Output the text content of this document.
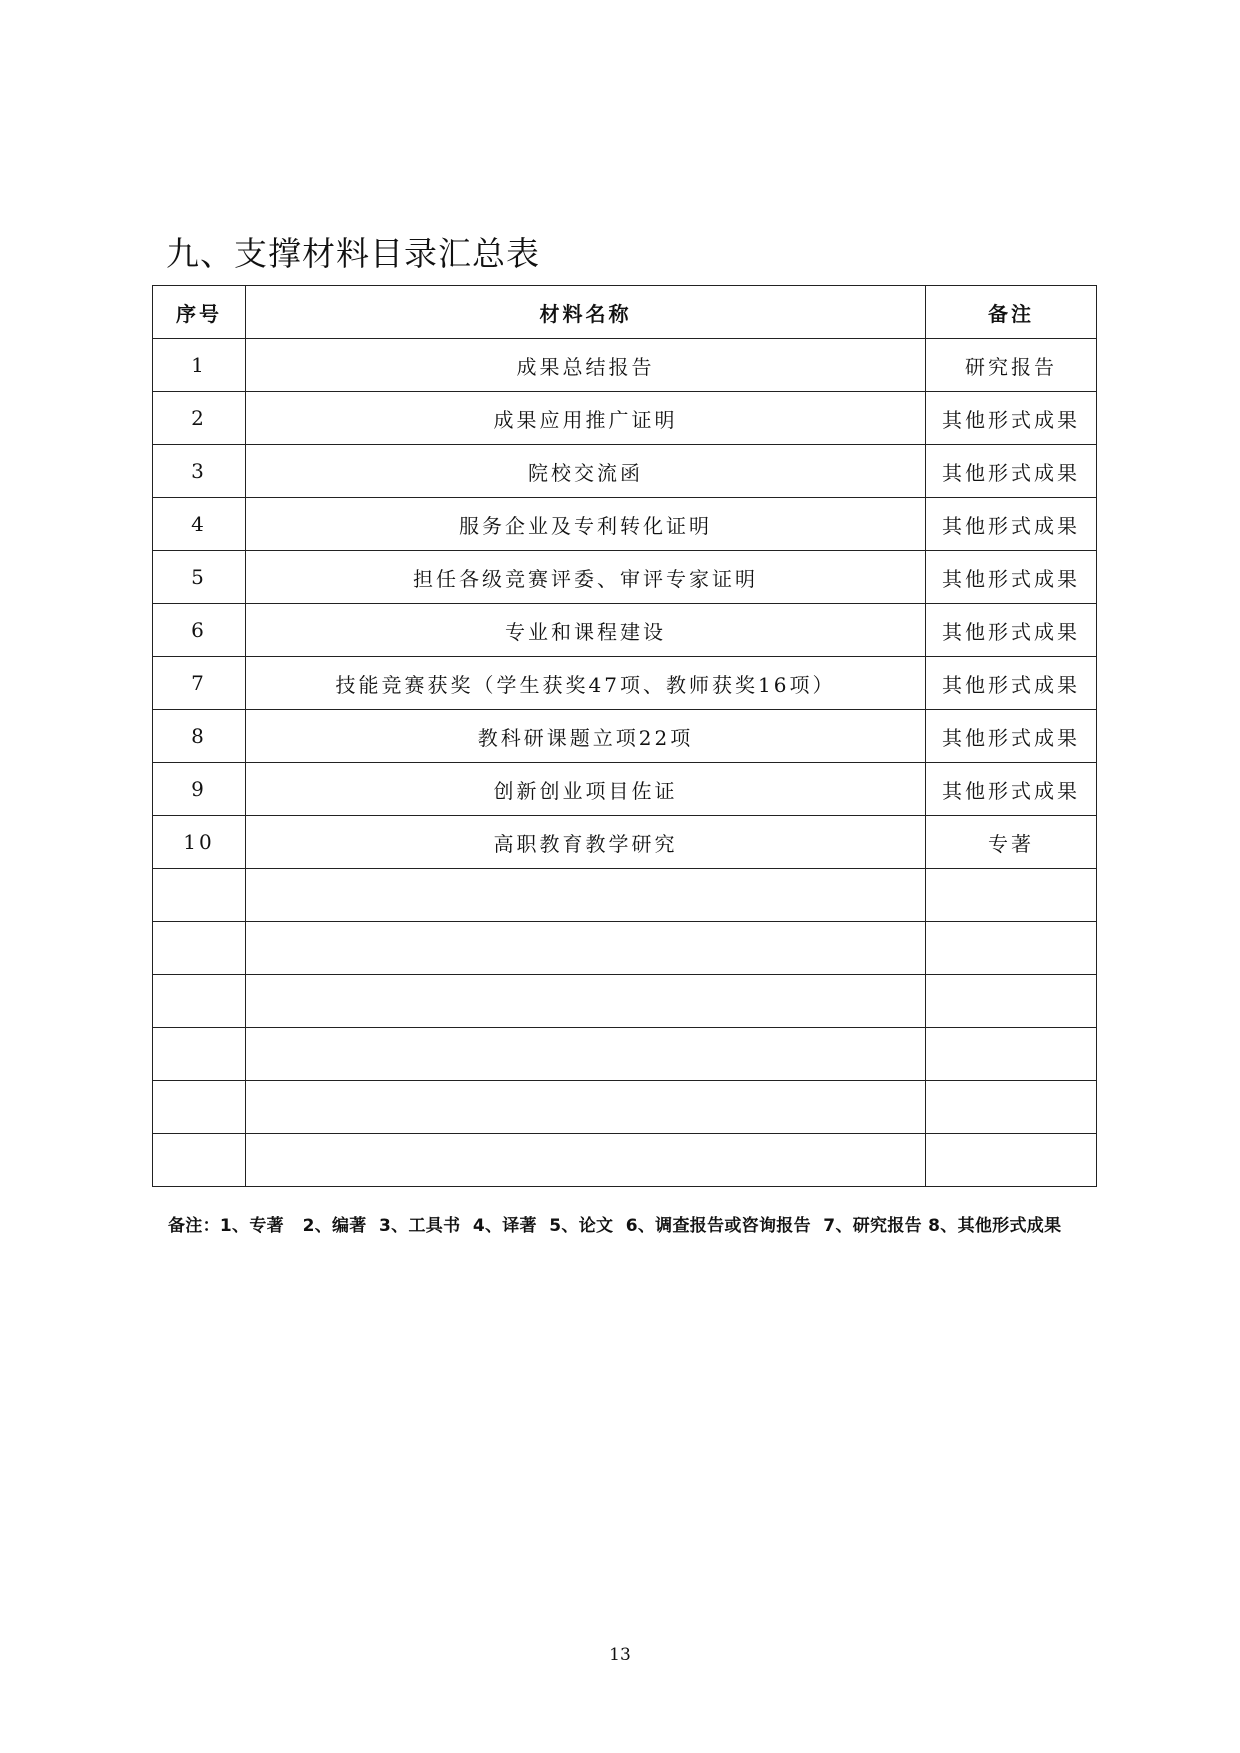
九、支撑材料目录汇总表
序号	材料名称	备注
1	成果总结报告	研究报告
2	成果应用推广证明	其他形式成果
3	院校交流函	其他形式成果
4	服务企业及专利转化证明	其他形式成果
5	担任各级竞赛评委、审评专家证明	其他形式成果
6	专业和课程建设	其他形式成果
7	技能竞赛获奖（学生获奖47项、教师获奖16项）	其他形式成果
8	教科研课题立项22项	其他形式成果
9	创新创业项目佐证	其他形式成果
10	高职教育教学研究	专著

备注：1、专著   2、编著  3、工具书  4、译著  5、论文  6、调查报告或咨询报告  7、研究报告 8、其他形式成果
13
